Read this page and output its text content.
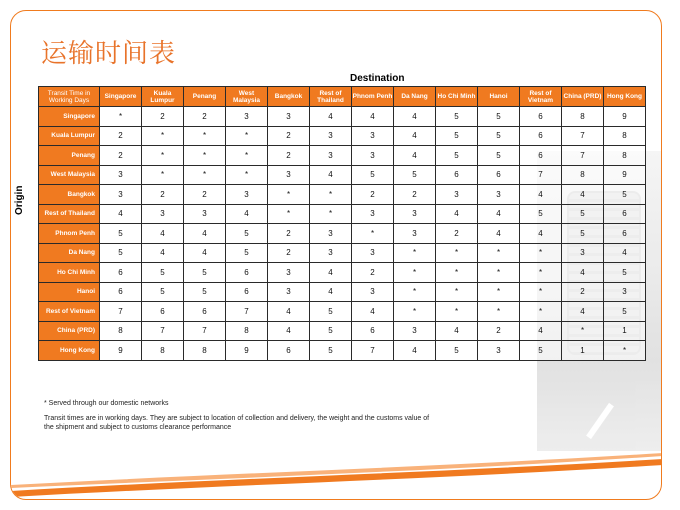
运输时间表
Destination
Origin
Transit Time in Working Days	Singapore	Kuala Lumpur	Penang	West Malaysia	Bangkok	Rest of Thailand	Phnom Penh	Da Nang	Ho Chi Minh	Hanoi	Rest of Vietnam	China (PRD)	Hong Kong
Singapore	*	2	2	3	3	4	4	4	5	5	6	8	9
Kuala Lumpur	2	*	*	*	2	3	3	4	5	5	6	7	8
Penang	2	*	*	*	2	3	3	4	5	5	6	7	8
West Malaysia	3	*	*	*	3	4	5	5	6	6	7	8	9
Bangkok	3	2	2	3	*	*	2	2	3	3	4	4	5
Rest of Thailand	4	3	3	4	*	*	3	3	4	4	5	5	6
Phnom Penh	5	4	4	5	2	3	*	3	2	4	4	5	6
Da Nang	5	4	4	5	2	3	3	*	*	*	*	3	4
Ho Chi Minh	6	5	5	6	3	4	2	*	*	*	*	4	5
Hanoi	6	5	5	6	3	4	3	*	*	*	*	2	3
Rest of Vietnam	7	6	6	7	4	5	4	*	*	*	*	4	5
China (PRD)	8	7	7	8	4	5	6	3	4	2	4	*	1
Hong Kong	9	8	8	9	6	5	7	4	5	3	5	1	*
* Served through our domestic networks
Transit times are in working days. They are subject to location of collection and delivery, the weight and the customs value of the shipment and subject to customs clearance performance
